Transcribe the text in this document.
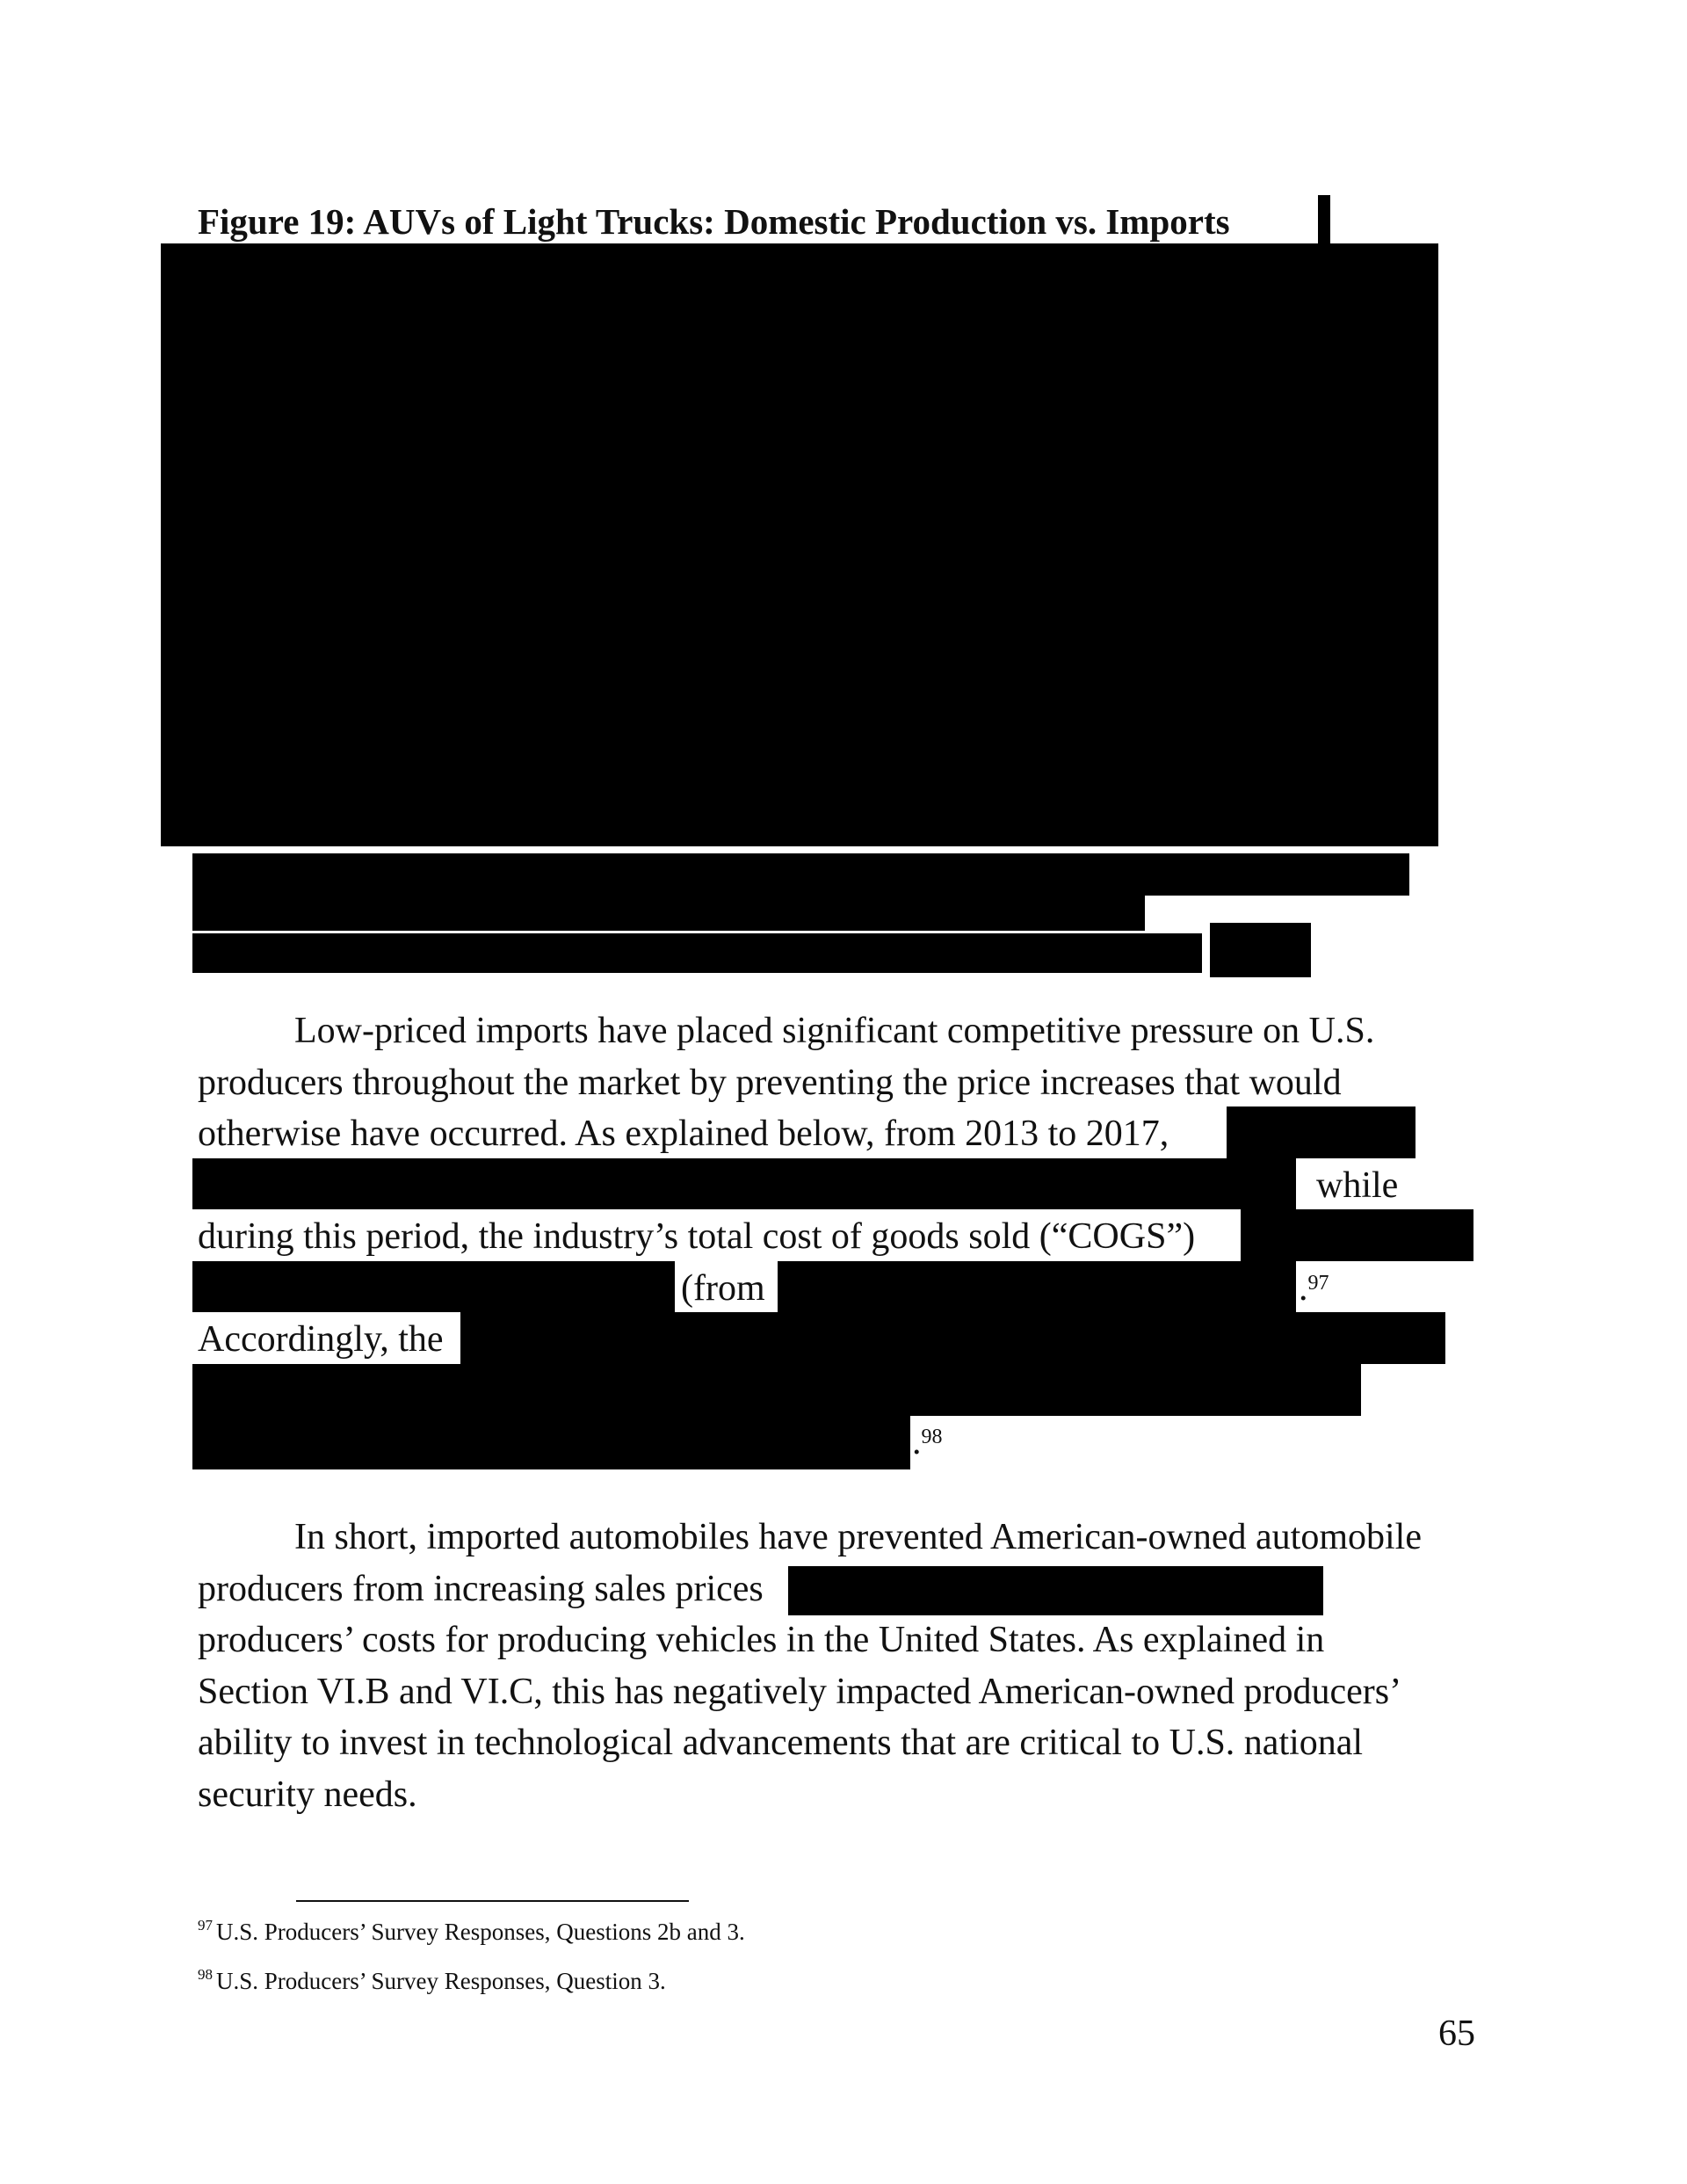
Figure 19: AUVs of Light Trucks: Domestic Production vs. Imports
Low-priced imports have placed significant competitive pressure on U.S.
producers throughout the market by preventing the price increases that would
otherwise have occurred. As explained below, from 2013 to 2017,
while
during this period, the industry’s total cost of goods sold (“COGS”)
(from	.$^{97}$
Accordingly, the
.$^{98}$
In short, imported automobiles have prevented American-owned automobile
producers from increasing sales prices
producers’ costs for producing vehicles in the United States. As explained in
Section VI.B and VI.C, this has negatively impacted American-owned producers’
ability to invest in technological advancements that are critical to U.S. national
security needs.
$^{97}$ U.S. Producers’ Survey Responses, Questions 2b and 3.
$^{98}$ U.S. Producers’ Survey Responses, Question 3.
65
